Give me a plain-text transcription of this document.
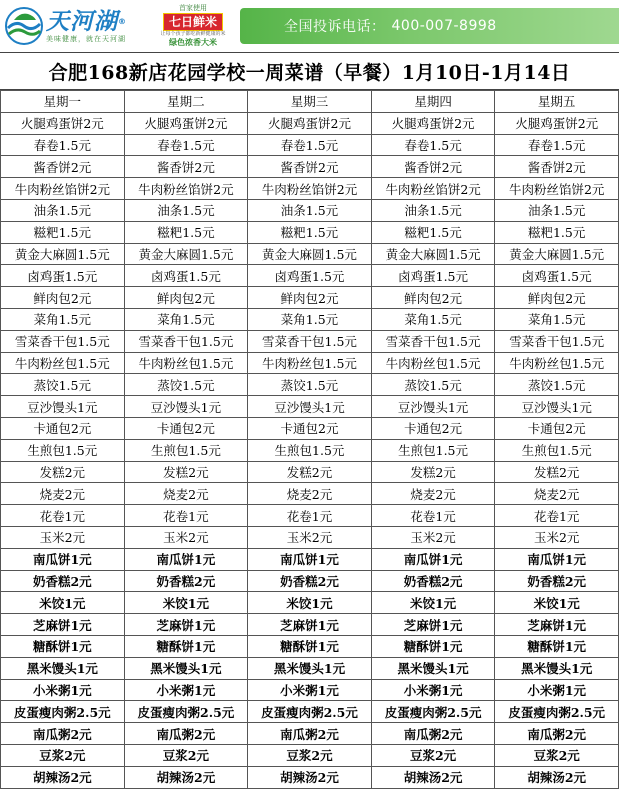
天河湖®
美味健康，就在天河湖
首家使用
七日鲜米
让每个孩子都吃新鲜健康的米
绿色浓香大米
全国投诉电话： 400-007-8998
合肥168新店花园学校一周菜谱（早餐）1月10日-1月14日
星期一	星期二	星期三	星期四	星期五
火腿鸡蛋饼2元	火腿鸡蛋饼2元	火腿鸡蛋饼2元	火腿鸡蛋饼2元	火腿鸡蛋饼2元
春卷1.5元	春卷1.5元	春卷1.5元	春卷1.5元	春卷1.5元
酱香饼2元	酱香饼2元	酱香饼2元	酱香饼2元	酱香饼2元
牛肉粉丝馅饼2元	牛肉粉丝馅饼2元	牛肉粉丝馅饼2元	牛肉粉丝馅饼2元	牛肉粉丝馅饼2元
油条1.5元	油条1.5元	油条1.5元	油条1.5元	油条1.5元
糍粑1.5元	糍粑1.5元	糍粑1.5元	糍粑1.5元	糍粑1.5元
黄金大麻圆1.5元	黄金大麻圆1.5元	黄金大麻圆1.5元	黄金大麻圆1.5元	黄金大麻圆1.5元
卤鸡蛋1.5元	卤鸡蛋1.5元	卤鸡蛋1.5元	卤鸡蛋1.5元	卤鸡蛋1.5元
鲜肉包2元	鲜肉包2元	鲜肉包2元	鲜肉包2元	鲜肉包2元
菜角1.5元	菜角1.5元	菜角1.5元	菜角1.5元	菜角1.5元
雪菜香干包1.5元	雪菜香干包1.5元	雪菜香干包1.5元	雪菜香干包1.5元	雪菜香干包1.5元
牛肉粉丝包1.5元	牛肉粉丝包1.5元	牛肉粉丝包1.5元	牛肉粉丝包1.5元	牛肉粉丝包1.5元
蒸饺1.5元	蒸饺1.5元	蒸饺1.5元	蒸饺1.5元	蒸饺1.5元
豆沙馒头1元	豆沙馒头1元	豆沙馒头1元	豆沙馒头1元	豆沙馒头1元
卡通包2元	卡通包2元	卡通包2元	卡通包2元	卡通包2元
生煎包1.5元	生煎包1.5元	生煎包1.5元	生煎包1.5元	生煎包1.5元
发糕2元	发糕2元	发糕2元	发糕2元	发糕2元
烧麦2元	烧麦2元	烧麦2元	烧麦2元	烧麦2元
花卷1元	花卷1元	花卷1元	花卷1元	花卷1元
玉米2元	玉米2元	玉米2元	玉米2元	玉米2元
南瓜饼1元	南瓜饼1元	南瓜饼1元	南瓜饼1元	南瓜饼1元
奶香糕2元	奶香糕2元	奶香糕2元	奶香糕2元	奶香糕2元
米饺1元	米饺1元	米饺1元	米饺1元	米饺1元
芝麻饼1元	芝麻饼1元	芝麻饼1元	芝麻饼1元	芝麻饼1元
糖酥饼1元	糖酥饼1元	糖酥饼1元	糖酥饼1元	糖酥饼1元
黑米馒头1元	黑米馒头1元	黑米馒头1元	黑米馒头1元	黑米馒头1元
小米粥1元	小米粥1元	小米粥1元	小米粥1元	小米粥1元
皮蛋瘦肉粥2.5元	皮蛋瘦肉粥2.5元	皮蛋瘦肉粥2.5元	皮蛋瘦肉粥2.5元	皮蛋瘦肉粥2.5元
南瓜粥2元	南瓜粥2元	南瓜粥2元	南瓜粥2元	南瓜粥2元
豆浆2元	豆浆2元	豆浆2元	豆浆2元	豆浆2元
胡辣汤2元	胡辣汤2元	胡辣汤2元	胡辣汤2元	胡辣汤2元
